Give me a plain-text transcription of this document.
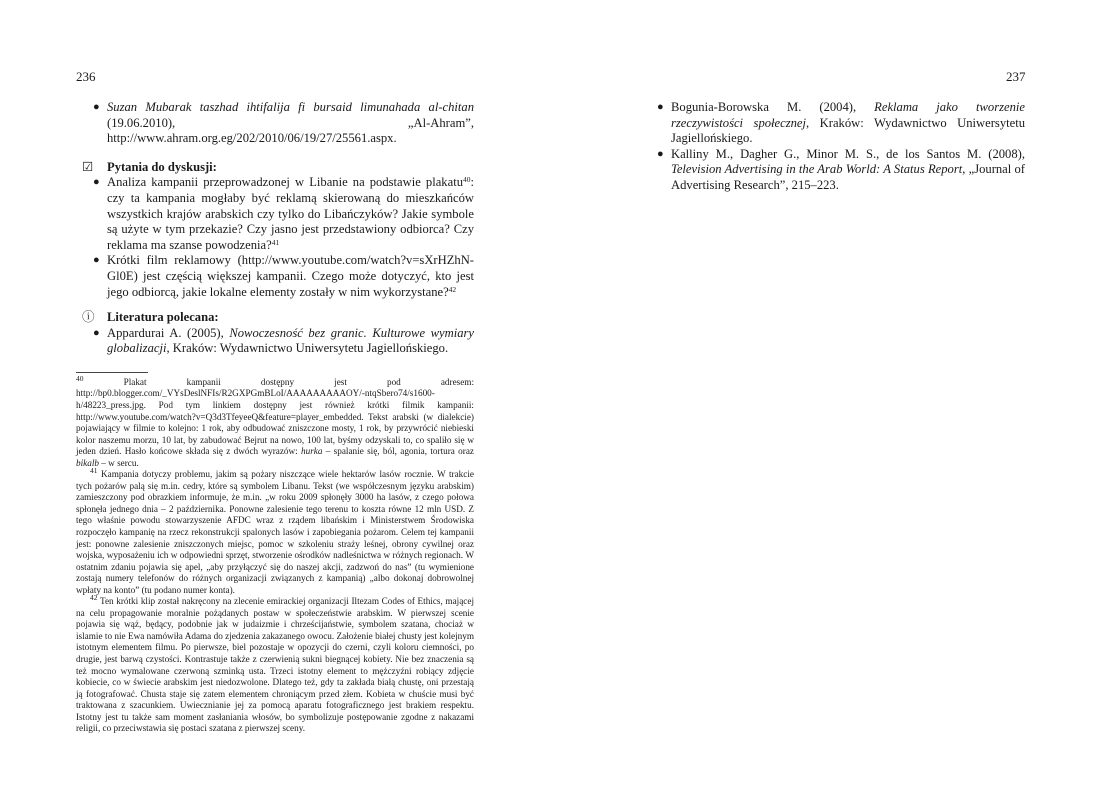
236	237
● Suzan Mubarak taszhad ihtifalija fi bursaid limunahada al-chitan (19.06.2010), „Al-Ahram”, http://www.ahram.org.eg/202/2010/06/19/27/25561.aspx.

☑ Pytania do dyskusji:

● Analiza kampanii przeprowadzonej w Libanie na podstawie plakatu$^{40}$: czy ta kampania mogłaby być reklamą skierowaną do mieszkańców wszystkich krajów arabskich czy tylko do Libańczyków? Jakie symbole są użyte w tym przekazie? Czy jasno jest przedstawiony odbiorca? Czy reklama ma szanse powodzenia?$^{41}$
● Krótki film reklamowy (http://www.youtube.com/watch?v=sXrHZhN-Gl0E) jest częścią większej kampanii. Czego może dotyczyć, kto jest jego odbiorcą, jakie lokalne elementy zostały w nim wykorzystane?$^{42}$

ⓘ Literatura polecana:

● Appardurai A. (2005), Nowoczesność bez granic. Kulturowe wymiary globalizacji, Kraków: Wydawnictwo Uniwersytetu Jagiellońskiego.

$^{40}$ Plakat kampanii dostępny jest pod adresem: http://bp0.blogger.com/_VYsDeslNFIs/R2GXPGmBLoI/AAAAAAAAAOY/-ntqSbero74/s1600-h/48223_press.jpg. Pod tym linkiem dostępny jest również krótki filmik kampanii: http://www.youtube.com/watch?v=Q3d3TfeyeeQ&feature=player_embedded. Tekst arabski (w dialekcie) pojawiający w filmie to kolejno: 1 rok, aby odbudować zniszczone mosty, 1 rok, by przywrócić niebieski kolor naszemu morzu, 10 lat, by zabudować Bejrut na nowo, 100 lat, byśmy odzyskali to, co spaliło się w jeden dzień. Hasło końcowe składa się z dwóch wyrazów: hurka – spalanie się, ból, agonia, tortura oraz bikalb – w sercu.

$^{41}$ Kampania dotyczy problemu, jakim są pożary niszczące wiele hektarów lasów rocznie. W trakcie tych pożarów palą się m.in. cedry, które są symbolem Libanu. Tekst (we współczesnym języku arabskim) zamieszczony pod obrazkiem informuje, że m.in. „w roku 2009 spłonęły 3000 ha lasów, z czego połowa spłonęła jednego dnia – 2 października. Ponowne zalesienie tego terenu to koszta równe 12 mln USD. Z tego właśnie powodu stowarzyszenie AFDC wraz z rządem libańskim i Ministerstwem Środowiska rozpoczęło kampanię na rzecz rekonstrukcji spalonych lasów i zapobiegania pożarom. Celem tej kampanii jest: ponowne zalesienie zniszczonych miejsc, pomoc w szkoleniu straży leśnej, obrony cywilnej oraz wojska, wyposażeniu ich w odpowiedni sprzęt, stworzenie ośrodków nadleśnictwa w różnych regionach. W ostatnim zdaniu pojawia się apel, „aby przyłączyć się do naszej akcji, zadzwoń do nas” (tu wymienione zostają numery telefonów do różnych organizacji związanych z kampanią) „albo dokonaj dobrowolnej wpłaty na konto” (tu podano numer konta).

$^{42}$ Ten krótki klip został nakręcony na zlecenie emirackiej organizacji Iltezam Codes of Ethics, mającej na celu propagowanie moralnie pożądanych postaw w społeczeństwie arabskim. W pierwszej scenie pojawia się wąż, będący, podobnie jak w judaizmie i chrześcijaństwie, symbolem szatana, chociaż w islamie to nie Ewa namówiła Adama do zjedzenia zakazanego owocu. Założenie białej chusty jest kolejnym istotnym elementem filmu. Po pierwsze, biel pozostaje w opozycji do czerni, czyli koloru ciemności, po drugie, jest barwą czystości. Kontrastuje także z czerwienią sukni biegnącej kobiety. Nie bez znaczenia są też mocno wymalowane czerwoną szminką usta. Trzeci istotny element to mężczyźni robiący zdjęcie kobiecie, co w świecie arabskim jest niedozwolone. Dlatego też, gdy ta zakłada białą chustę, oni przestają ją fotografować. Chusta staje się zatem elementem chroniącym przed złem. Kobieta w chuście musi być traktowana z szacunkiem. Uwiecznianie jej za pomocą aparatu fotograficznego jest brakiem respektu. Istotny jest tu także sam moment zasłaniania włosów, bo symbolizuje postępowanie zgodne z nakazami religii, co przeciwstawia się postaci szatana z pierwszej sceny.

● Bogunia-Borowska M. (2004), Reklama jako tworzenie rzeczywistości społecznej, Kraków: Wydawnictwo Uniwersytetu Jagiellońskiego.
● Kalliny M., Dagher G., Minor M. S., de los Santos M. (2008), Television Advertising in the Arab World: A Status Report, „Journal of Advertising Research”, 215–223.
